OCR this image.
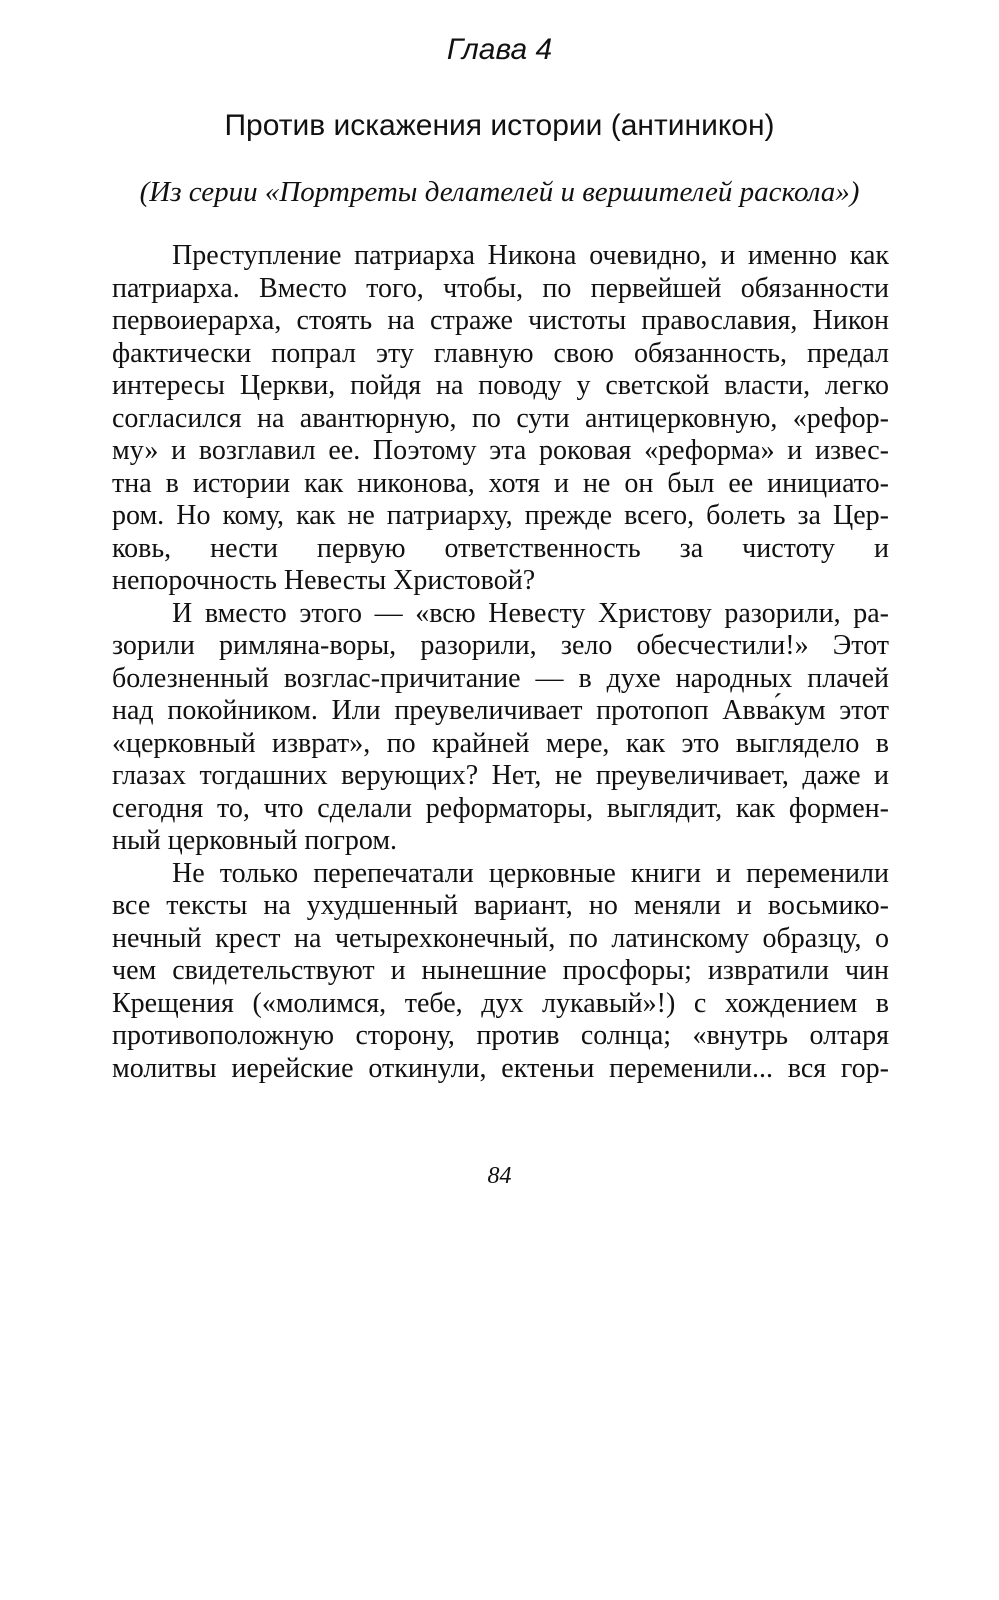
Глава 4
Против искажения истории (антиникон)
(Из серии «Портреты делателей и вершителей раскола»)
Преступление патриарха Никона очевидно, и именно как
патриарха. Вместо того, чтобы, по первейшей обязанности
первоиерарха, стоять на страже чистоты православия, Никон
фактически попрал эту главную свою обязанность, предал
интересы Церкви, пойдя на поводу у светской власти, легко
согласился на авантюрную, по сути антицерковную, «рефор-
му» и возглавил ее. Поэтому эта роковая «реформа» и извес-
тна в истории как никонова, хотя и не он был ее инициато-
ром. Но кому, как не патриарху, прежде всего, болеть за Цер-
ковь, нести первую ответственность за чистоту и
непорочность Невесты Христовой?
И вместо этого — «всю Невесту Христову разорили, ра-
зорили римляна-воры, разорили, зело обесчестили!» Этот
болезненный возглас-причитание — в духе народных плачей
над покойником. Или преувеличивает протопоп Авва́кум этот
«церковный изврат», по крайней мере, как это выглядело в
глазах тогдашних верующих? Нет, не преувеличивает, даже и
сегодня то, что сделали реформаторы, выглядит, как формен-
ный церковный погром.
Не только перепечатали церковные книги и переменили
все тексты на ухудшенный вариант, но меняли и восьмико-
нечный крест на четырехконечный, по латинскому образцу, о
чем свидетельствуют и нынешние просфоры; извратили чин
Крещения («молимся, тебе, дух лукавый»!) с хождением в
противоположную сторону, против солнца; «внутрь олтаря
молитвы иерейские откинули, ектеньи переменили... вся гор-
84
